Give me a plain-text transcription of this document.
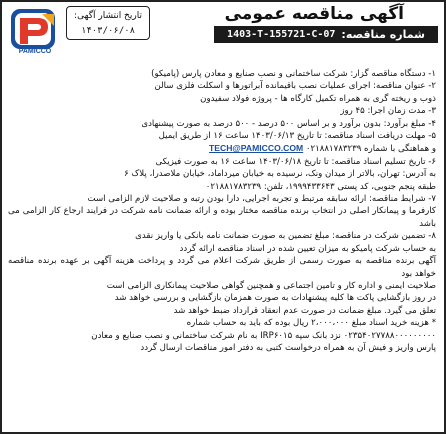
آگهی مناقصه عمومی
شماره مناقصه:
1403-T-155721-C-07
تاریخ انتشار آگهی:
۱۴۰۳/۰۶/۰۸
PAMICCO

۱- دستگاه مناقصه گزار: شرکت ساختمانی و نصب صنایع و معادن پارس (پامیکو)

۲- عنوان مناقصه: اجرای عملیات نصب باقیمانده آبراتورها و اسکلت فلزی سالن

ذوب و ریخته گری به همراه تکمیل کارگاه ها - پروژه فولاد سفیدون

۳- مدت زمان اجرا: ۴۵ روز

۴- مبلغ برآورد: بدون برآورد و بر اساس ۵۰۰ درصد - ۵۰۰ درصد به صورت پیشنهادی

۵- مهلت دریافت اسناد مناقصه: تا تاریخ ۱۴۰۳/۰۶/۱۳ ساعت ۱۶ از طریق ایمیل

و هماهنگی با شماره ۰۲۱۸۸۱۷۸۳۲۳۹ TECH@PAMICCO.COM

۶- تاریخ تسلیم اسناد مناقصه: تا تاریخ ۱۴۰۳/۰۶/۱۸ ساعت ۱۶ به صورت فیزیکی

به آدرس: تهران، بالاتر از میدان ونک، نرسیده به خیابان میرداماد، خیابان ملاصدرا، پلاک ۶

طبقه پنجم جنوبی، کد پستی ۱۹۹۹۴۳۳۶۴۳، تلفن: ۰۲۱۸۸۱۷۸۳۲۳۹

۷- شرایط مناقصه: ارائه سابقه مرتبط و تجربه اجرایی، دارا بودن رتبه و صلاحیت لازم الزامی است

کارفرما و پیمانکار اصلی در انتخاب برنده مناقصه مختار بوده و ارائه ضمانت نامه شرکت در فرایند ارجاع کار الزامی می باشد

۸- تضمین شرکت در مناقصه: مبلغ تضمین به صورت ضمانت نامه بانکی یا واریز نقدی

به حساب شرکت پامیکو به میزان تعیین شده در اسناد مناقصه ارائه گردد

آگهی برنده مناقصه به صورت رسمی از طریق شرکت اعلام می گردد و پرداخت هزینه آگهی بر عهده برنده مناقصه خواهد بود

صلاحیت ایمنی و اداره کار و تامین اجتماعی و همچنین گواهی صلاحیت پیمانکاری الزامی است

در روز بازگشایی پاکت ها کلیه پیشنهادات به صورت همزمان بازگشایی و بررسی خواهد شد

تعلق می گیرد. مبلغ ضمانت در صورت عدم انعقاد قرارداد ضبط خواهد شد

* هزینه خرید اسناد مبلغ ۲،۰۰۰،۰۰۰ ریال بوده که باید به حساب شماره

۰۲۳۵۴۰۲۷۷۸۸۰۰۰۰۰۰۰۰۰ نزد بانک سپه IRP۶۰۱۵ به نام شرکت ساختمانی و نصب صنایع و معادن

پارس واریز و فیش آن به همراه درخواست کتبی به دفتر امور مناقصات ارسال گردد
